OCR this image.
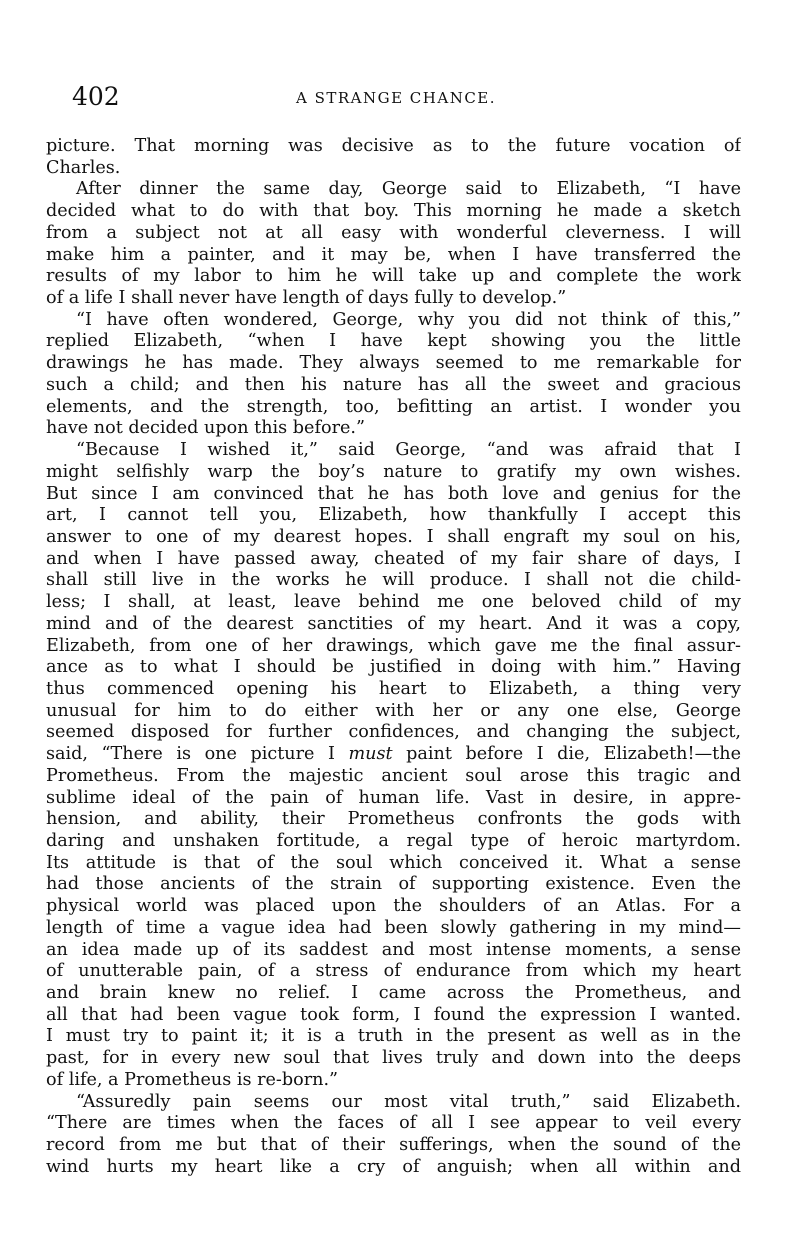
402	A STRANGE CHANCE.
picture. That morning was decisive as to the future vocation of
Charles.
After dinner the same day, George said to Elizabeth, “I have
decided what to do with that boy. This morning he made a sketch
from a subject not at all easy with wonderful cleverness. I will
make him a painter, and it may be, when I have transferred the
results of my labor to him he will take up and complete the work
of a life I shall never have length of days fully to develop.”
“I have often wondered, George, why you did not think of this,”
replied Elizabeth, “when I have kept showing you the little
drawings he has made. They always seemed to me remarkable for
such a child; and then his nature has all the sweet and gracious
elements, and the strength, too, befitting an artist. I wonder you
have not decided upon this before.”
“Because I wished it,” said George, “and was afraid that I
might selfishly warp the boy’s nature to gratify my own wishes.
But since I am convinced that he has both love and genius for the
art, I cannot tell you, Elizabeth, how thankfully I accept this
answer to one of my dearest hopes. I shall engraft my soul on his,
and when I have passed away, cheated of my fair share of days, I
shall still live in the works he will produce. I shall not die child-
less; I shall, at least, leave behind me one beloved child of my
mind and of the dearest sanctities of my heart. And it was a copy,
Elizabeth, from one of her drawings, which gave me the final assur-
ance as to what I should be justified in doing with him.” Having
thus commenced opening his heart to Elizabeth, a thing very
unusual for him to do either with her or any one else, George
seemed disposed for further confidences, and changing the subject,
said, “There is one picture I must paint before I die, Elizabeth!—the
Prometheus. From the majestic ancient soul arose this tragic and
sublime ideal of the pain of human life. Vast in desire, in appre-
hension, and ability, their Prometheus confronts the gods with
daring and unshaken fortitude, a regal type of heroic martyrdom.
Its attitude is that of the soul which conceived it. What a sense
had those ancients of the strain of supporting existence. Even the
physical world was placed upon the shoulders of an Atlas. For a
length of time a vague idea had been slowly gathering in my mind—
an idea made up of its saddest and most intense moments, a sense
of unutterable pain, of a stress of endurance from which my heart
and brain knew no relief. I came across the Prometheus, and
all that had been vague took form, I found the expression I wanted.
I must try to paint it; it is a truth in the present as well as in the
past, for in every new soul that lives truly and down into the deeps
of life, a Prometheus is re-born.”
“Assuredly pain seems our most vital truth,” said Elizabeth.
“There are times when the faces of all I see appear to veil every
record from me but that of their sufferings, when the sound of the
wind hurts my heart like a cry of anguish; when all within and
